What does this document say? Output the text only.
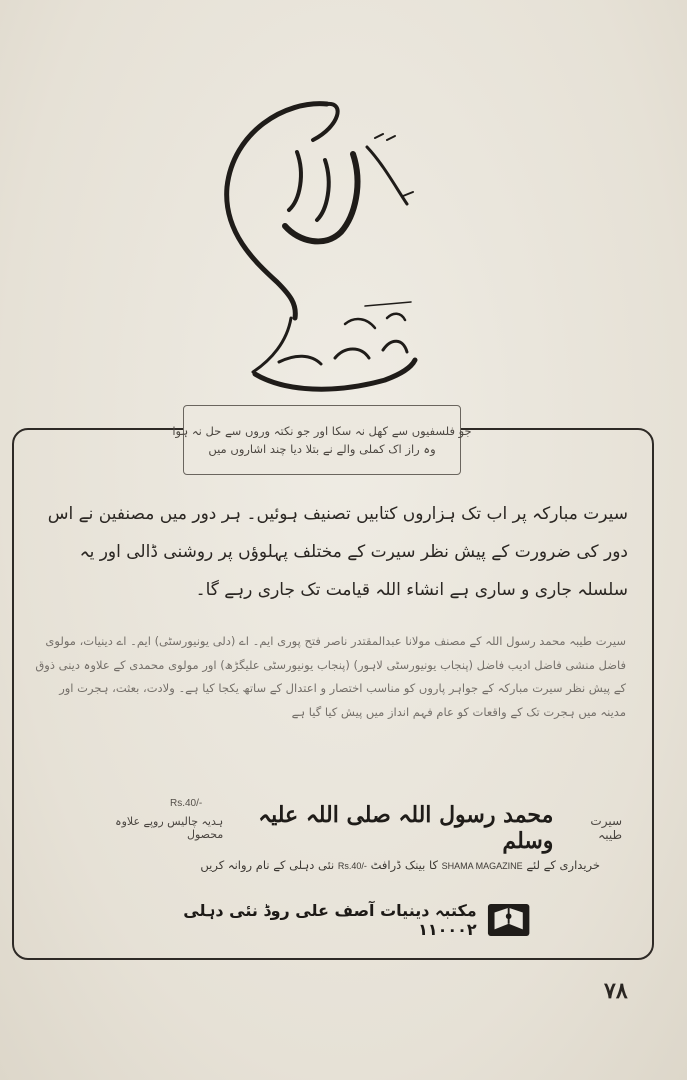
جو فلسفیوں سے کھل نہ سکا اور جو نکتہ وروں سے حل نہ ہوا

وہ راز اک کملی والے نے بتلا دیا چند اشاروں میں

سیرت مبارکہ پر اب تک ہزاروں کتابیں تصنیف ہوئیں۔ ہر دور میں مصنفین نے اس دور کی ضرورت کے پیش نظر سیرت کے مختلف پہلوؤں پر روشنی ڈالی اور یہ سلسلہ جاری و ساری ہے انشاء اللہ قیامت تک جاری رہے گا۔

سیرت طیبہ محمد رسول اللہ کے مصنف مولانا عبدالمقتدر ناصر فتح پوری ایم۔ اے (دلی یونیورسٹی) ایم۔ اے دینیات، مولوی فاضل منشی فاضل ادیب فاضل (پنجاب یونیورسٹی لاہور) (پنجاب یونیورسٹی علیگڑھ) اور مولوی محمدی کے علاوہ دینی ذوق کے پیش نظر سیرت مبارکہ کے جواہر پاروں کو مناسب اختصار و اعتدال کے ساتھ یکجا کیا ہے۔ ولادت، بعثت، ہجرت اور مدینہ میں ہجرت تک کے واقعات کو عام فہم انداز میں پیش کیا گیا ہے

Rs.40/-
سیرت طیبہ
محمد رسول اللہ صلی اللہ علیہ وسلم
ہدیہ چالیس روپے علاوہ محصول
خریداری کے لئے SHAMA MAGAZINE کا بینک ڈرافٹ Rs.40/- نئی دہلی کے نام روانہ کریں
مکتبہ دینیات آصف علی روڈ نئی دہلی ۱۱۰۰۰۲
۷۸
